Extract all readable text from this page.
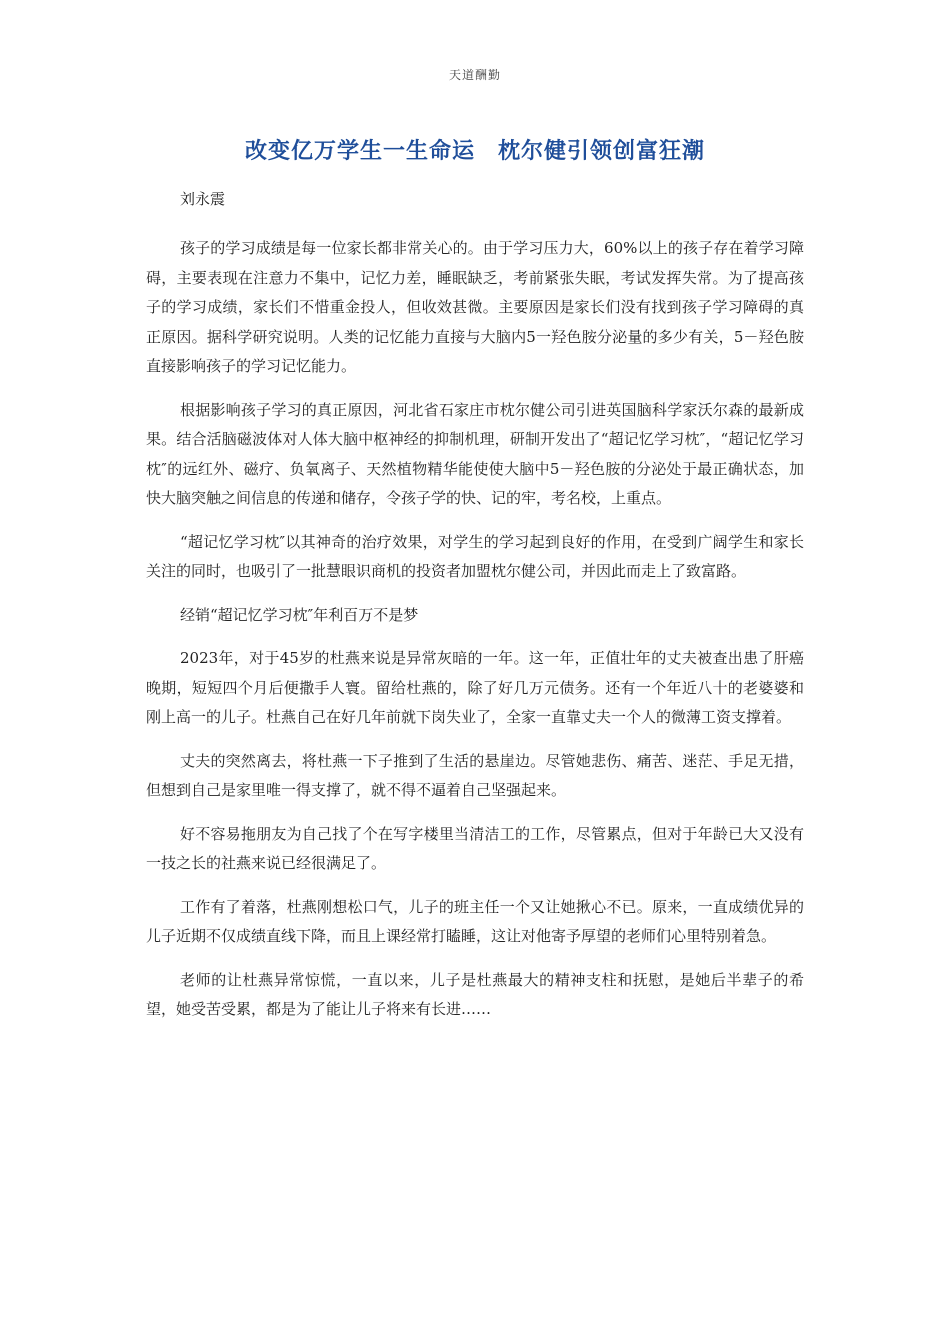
天道酬勤
改变亿万学生一生命运　枕尔健引领创富狂潮

刘永震

孩子的学习成绩是每一位家长都非常关心的。由于学习压力大，60%以上的孩子存在着学习障碍，主要表现在注意力不集中，记忆力差，睡眠缺乏，考前紧张失眠，考试发挥失常。为了提高孩子的学习成绩，家长们不惜重金投人，但收效甚微。主要原因是家长们没有找到孩子学习障碍的真正原因。据科学研究说明。人类的记忆能力直接与大脑内5一羟色胺分泌量的多少有关，5－羟色胺直接影响孩子的学习记忆能力。

根据影响孩子学习的真正原因，河北省石家庄市枕尔健公司引进英国脑科学家沃尔森的最新成果。结合活脑磁波体对人体大脑中枢神经的抑制机理，研制开发出了“超记忆学习枕″，“超记忆学习枕″的远红外、磁疗、负氧离子、天然植物精华能使使大脑中5－羟色胺的分泌处于最正确状态，加快大脑突触之间信息的传递和储存，令孩子学的快、记的牢，考名校，上重点。

“超记忆学习枕″以其神奇的治疗效果，对学生的学习起到良好的作用，在受到广阔学生和家长关注的同时，也吸引了一批慧眼识商机的投资者加盟枕尔健公司，并因此而走上了致富路。

经销“超记忆学习枕″年利百万不是梦

2023年，对于45岁的杜燕来说是异常灰暗的一年。这一年，正值壮年的丈夫被查出患了肝癌晚期，短短四个月后便撒手人寰。留给杜燕的，除了好几万元债务。还有一个年近八十的老婆婆和刚上高一的儿子。杜燕自己在好几年前就下岗失业了，全家一直靠丈夫一个人的微薄工资支撑着。

丈夫的突然离去，将杜燕一下子推到了生活的悬崖边。尽管她悲伤、痛苦、迷茫、手足无措，但想到自己是家里唯一得支撑了，就不得不逼着自己坚强起来。

好不容易拖朋友为自己找了个在写字楼里当清洁工的工作，尽管累点，但对于年龄已大又没有一技之长的社燕来说已经很满足了。

工作有了着落，杜燕刚想松口气，儿子的班主任一个又让她揪心不已。原来，一直成绩优异的儿子近期不仅成绩直线下降，而且上课经常打瞌睡，这让对他寄予厚望的老师们心里特别着急。

老师的让杜燕异常惊慌，一直以来，儿子是杜燕最大的精神支柱和抚慰，是她后半辈子的希望，她受苦受累，都是为了能让儿子将来有长进……
